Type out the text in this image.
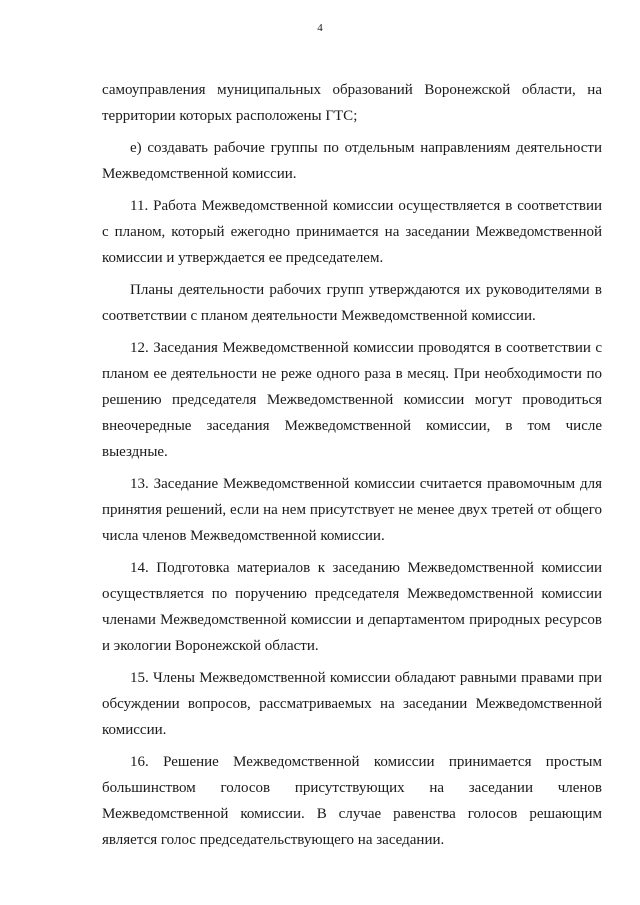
4

самоуправления муниципальных образований Воронежской области, на территории которых расположены ГТС;

е) создавать рабочие группы по отдельным направлениям деятельности Межведомственной комиссии.

11. Работа Межведомственной комиссии осуществляется в соответствии с планом, который ежегодно принимается на заседании Межведомственной комиссии и утверждается ее председателем.

Планы деятельности рабочих групп утверждаются их руководителями в соответствии с планом деятельности Межведомственной комиссии.

12. Заседания Межведомственной комиссии проводятся в соответствии с планом ее деятельности не реже одного раза в месяц. При необходимости по решению председателя Межведомственной комиссии могут проводиться внеочередные заседания Межведомственной комиссии, в том числе выездные.

13. Заседание Межведомственной комиссии считается правомочным для принятия решений, если на нем присутствует не менее двух третей от общего числа членов Межведомственной комиссии.

14. Подготовка материалов к заседанию Межведомственной комиссии осуществляется по поручению председателя Межведомственной комиссии членами Межведомственной комиссии и департаментом природных ресурсов и экологии Воронежской области.

15. Члены Межведомственной комиссии обладают равными правами при обсуждении вопросов, рассматриваемых на заседании Межведомственной комиссии.

16. Решение Межведомственной комиссии принимается простым большинством голосов присутствующих на заседании членов Межведомственной комиссии. В случае равенства голосов решающим является голос председательствующего на заседании.
